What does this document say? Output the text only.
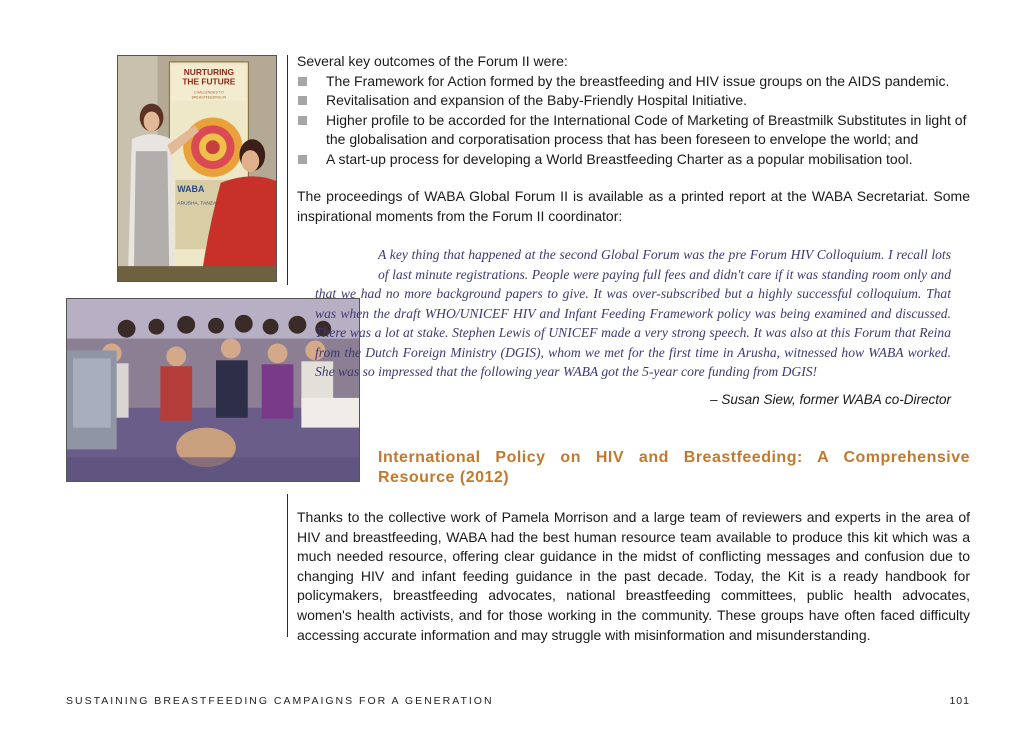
NURTURING
THE FUTURE
CHALLENGES TO
BREASTFEEDING IN
WABA
ARUSHA, TANZA
Several key outcomes of the Forum II were:
The Framework for Action formed by the breastfeeding and HIV issue groups on the AIDS pandemic.
Revitalisation and expansion of the Baby-Friendly Hospital Initiative.
Higher profile to be accorded for the International Code of Marketing of Breastmilk Substitutes in light of the globalisation and corporatisation process that has been foreseen to envelope the world; and
A start-up process for developing a World Breastfeeding Charter as a popular mobilisation tool.
The proceedings of WABA Global Forum II is available as a printed report at the WABA Secretariat. Some inspirational moments from the Forum II coordinator:
A key thing that happened at the second Global Forum was the pre Forum HIV Colloquium. I recall lots of last minute registrations. People were paying full fees and didn't care if it was standing room only and that we had no more background papers to give. It was over-subscribed but a highly successful colloquium. That was when the draft WHO/UNICEF HIV and Infant Feeding Framework policy was being examined and discussed. There was a lot at stake. Stephen Lewis of UNICEF made a very strong speech. It was also at this Forum that Reina from the Dutch Foreign Ministry (DGIS), whom we met for the first time in Arusha, witnessed how WABA worked. She was so impressed that the following year WABA got the 5-year core funding from DGIS!
– Susan Siew, former WABA co-Director
International Policy on HIV and Breastfeeding: A Comprehensive Resource (2012)
Thanks to the collective work of Pamela Morrison and a large team of reviewers and experts in the area of HIV and breastfeeding, WABA had the best human resource team available to produce this kit which was a much needed resource, offering clear guidance in the midst of conflicting messages and confusion due to changing HIV and infant feeding guidance in the past decade. Today, the Kit is a ready handbook for policymakers, breastfeeding advocates, national breastfeeding committees, public health advocates, women's health activists, and for those working in the community. These groups have often faced difficulty accessing accurate information and may struggle with misinformation and misunderstanding.
SUSTAINING BREASTFEEDING CAMPAIGNS FOR A GENERATION	101
